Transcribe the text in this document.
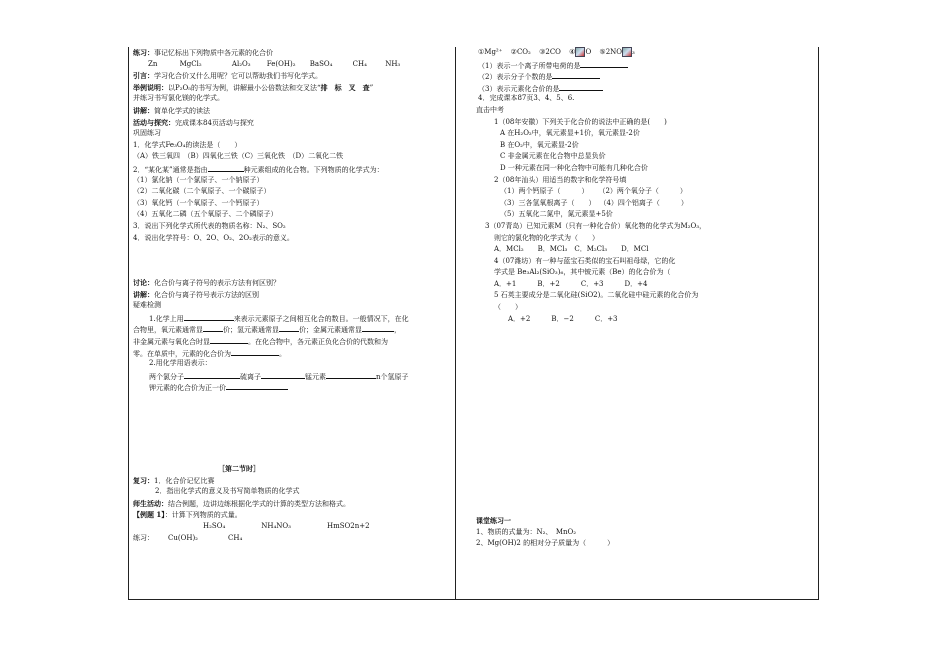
练习：事记忆标出下列物质中各元素的化合价
Zn	MgCl₂	Al₂O₃ Fe(OH)₂ BaSO₄	CH₄	NH₃
引言：学习化合价又什么用呢？它可以帮助我们书写化学式。
举例说明：以P₂O₅的书写为例，讲解最小公倍数法和交叉法“排　标　叉　查”
并练习书写氯化镁的化学式。
讲解：简单化学式的读法
活动与探究：完成课本84页活动与探究
巩固练习
1．化学式Fe₃O₄的读法是（　　）
（A）铁三氧四　（B）四氧化三铁（C）三氧化铁　（D）二氧化二铁
2．“某化某”通常是指由	种元素组成的化合物。下列物质的化学式为：
（1）氯化钠（一个氯原子、一个钠原子）
（2）二氧化碳（二个氧原子、一个碳原子）
（3）氧化钙（一个氧原子、一个钙原子）
（4）五氧化二磷（五个氧原子、二个磷原子）
3．说出下列化学式所代表的物质名称：N₂、SO₂
4．说出化学符号：O、2O、O₂、2O₂表示的意义。
讨论：化合价与离子符号的表示方法有何区别？
讲解：化合价与离子符号表示方法的区别
疑难检测
1.化学上用	来表示元素原子之间相互化合的数目。一般情况下，在化
合物里，氧元素通常显	价；氢元素通常显	价；金属元素通常显	，
非金属元素与氧化合时显	。在化合物中，各元素正负化合价的代数和为
零。在单质中，元素的化合价为	。
2.用化学用语表示：
两个氯分子	硫离子	锰元素	n个氢原子
钾元素的化合价为正一价
［第二节时］
复习：1．化合价记忆比赛
2．指出化学式的意义及书写简单物质的化学式
师生活动：结合例题，边讲边练根据化学式的计算的类型方法和格式。
【例题 1】：计算下列物质的式量。
H₂SO₄	NH₄NO₃	HmSO2n+2
练习： Cu(OH)₂	CH₄
①Mg²⁺ ②CO₂ ③2CO ④ O ⑤2NO ₃
（1）表示一个离子所带电荷的是
（2）表示分子个数的是
（3）表示元素化合价的是
4．完成课本87页3、4、5、6.
直击中考
1（08年安徽）下列关于化合价的说法中正确的是(　　)
A 在H₂O₂中，氧元素显+1价，氧元素显-2价
B 在O₂中，氧元素显-2价
C 非金属元素在化合物中总显负价
D 一种元素在同一种化合物中可能有几种化合价
2（08年汕头）用适当的数字和化学符号填
（1）两个钙原子（　　　） （2）两个氧分子（　　　）
（3）三各氢氧根离子（　　） （4）四个铝离子（　　　）
（5）五氧化二氮中，氮元素显+5价
3（07青岛）已知元素M（只有一种化合价）氧化物的化学式为M₂O₃，
则它的氯化物的化学式为（　　）
A．MCl₂　　B．MCl₃　C．M₂Cl₃　　D．MCl
4（07潍坊）有一种与蓝宝石类似的宝石叫祖母绿，它的化
学式是 Be₃Al₂(SiO₃)₆，其中铍元素（Be）的化合价为（
A．+1　　　B．+2　　　C．+3　　　D．+4
5 石英主要成分是二氧化硅(SiO2)。二氧化硅中硅元素的化合价为
（　　）
A．+2　　　B．−2　　　C．+3
课堂练习一
1、物质的式量为：N₂、　MnO₂
2、Mg(OH)2 的相对分子质量为（　　　）
